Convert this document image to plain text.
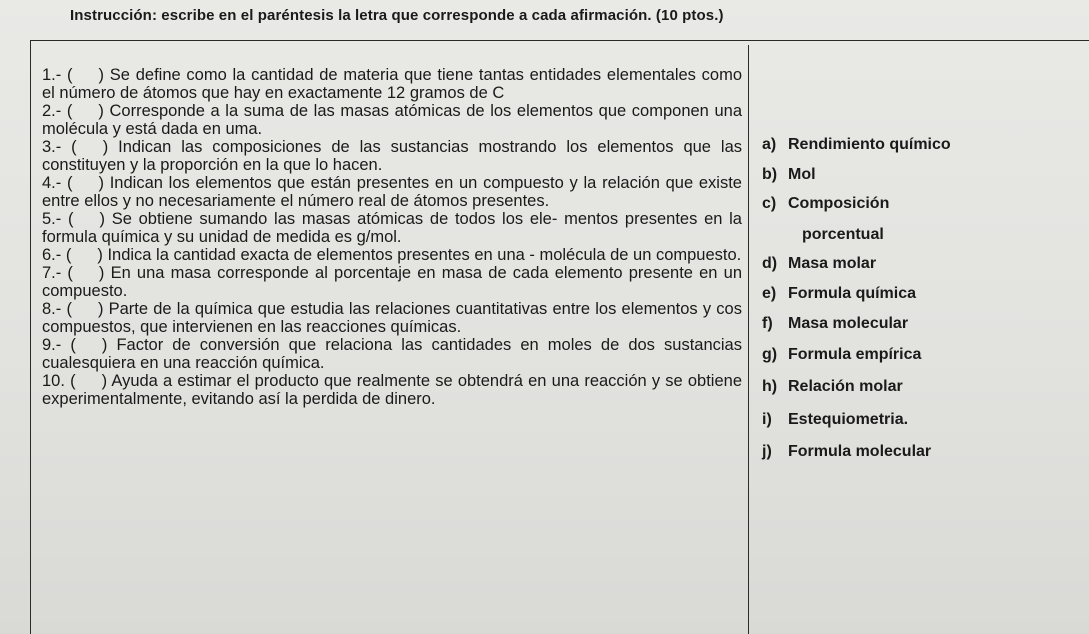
Instrucción: escribe en el paréntesis la letra que corresponde a cada afirmación. (10 ptos.)

1.- ( ) Se define como la cantidad de materia que tiene tantas entidades elementales como el número de átomos que hay en exactamente 12 gramos de C

2.- ( ) Corresponde a la suma de las masas atómicas de los elementos que componen una molécula y está dada en uma.

3.- ( ) Indican las composiciones de las sustancias mostrando los elementos que las constituyen y la proporción en la que lo hacen.

4.- ( ) Indican los elementos que están presentes en un compuesto y la relación que existe entre ellos y no necesariamente el número real de átomos presentes.

5.- ( ) Se obtiene sumando las masas atómicas de todos los ele- mentos presentes en la formula química y su unidad de medida es g/mol.

6.- ( ) Indica la cantidad exacta de elementos presentes en una - molécula de un compuesto.

7.- ( ) En una masa corresponde al porcentaje en masa de cada elemento presente en un compuesto.

8.- ( ) Parte de la química que estudia las relaciones cuantitativas entre los elementos y cos compuestos, que intervienen en las reacciones químicas.

9.- ( ) Factor de conversión que relaciona las cantidades en moles de dos sustancias cualesquiera en una reacción química.

10. ( ) Ayuda a estimar el producto que realmente se obtendrá en una reacción y se obtiene experimentalmente, evitando así la perdida de dinero.

a) Rendimiento químico
b) Mol
c) Composición
porcentual
d) Masa molar
e) Formula química
f) Masa molecular
g) Formula empírica
h) Relación molar
i) Estequiometria.
j) Formula molecular
